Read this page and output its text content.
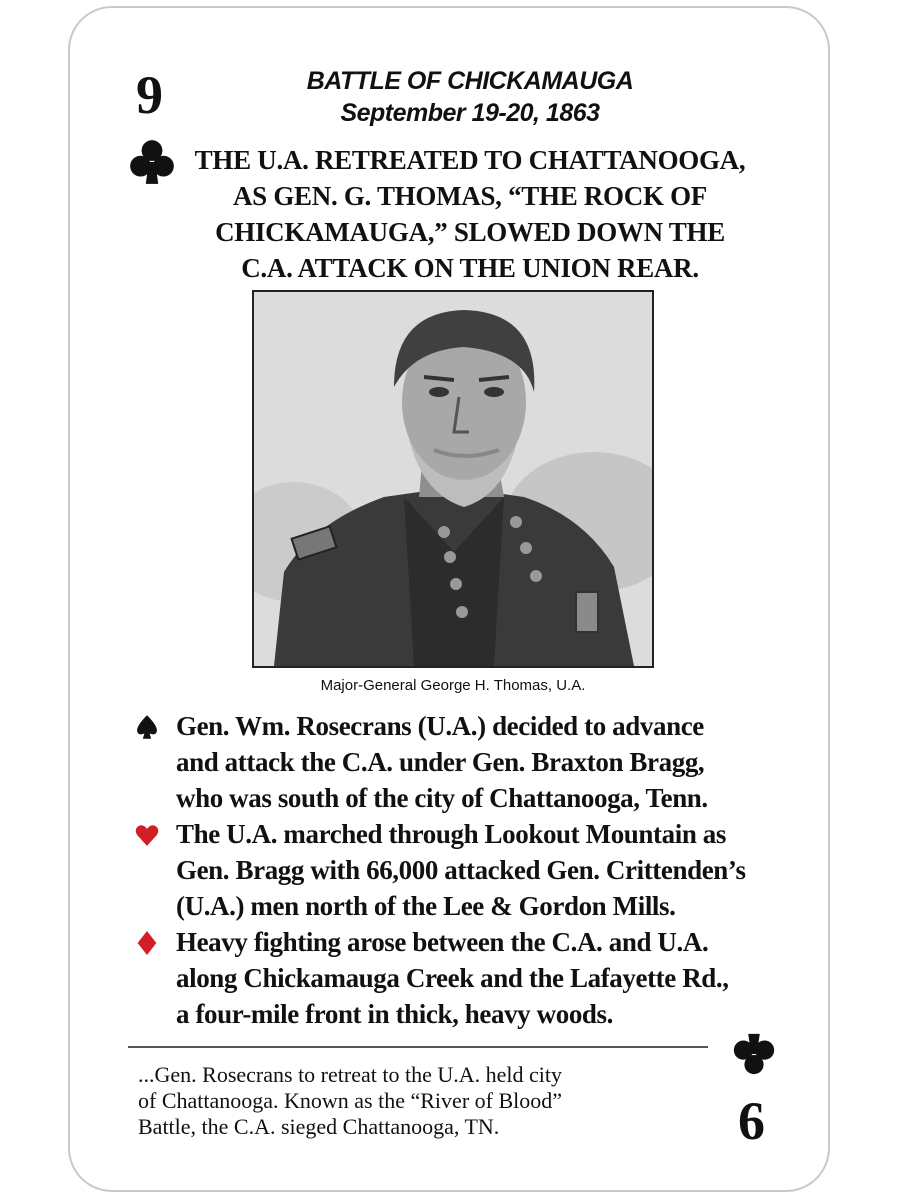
9	BATTLE OF CHICKAMAUGA
September 19-20, 1863
THE U.A. RETREATED TO CHATTANOOGA,
AS GEN. G. THOMAS, “THE ROCK OF
CHICKAMAUGA,” SLOWED DOWN THE
C.A. ATTACK ON THE UNION REAR.
Major-General George H. Thomas, U.A.
Gen. Wm. Rosecrans (U.A.) decided to advance
and attack the C.A. under Gen. Braxton Bragg,
who was south of the city of Chattanooga, Tenn.
The U.A. marched through Lookout Mountain as
Gen. Bragg with 66,000 attacked Gen. Crittenden’s
(U.A.) men north of the Lee & Gordon Mills.
Heavy fighting arose between the C.A. and U.A.
along Chickamauga Creek and the Lafayette Rd.,
a four-mile front in thick, heavy woods.
6
...Gen. Rosecrans to retreat to the U.A. held city
of Chattanooga. Known as the “River of Blood”
Battle, the C.A. sieged Chattanooga, TN.
